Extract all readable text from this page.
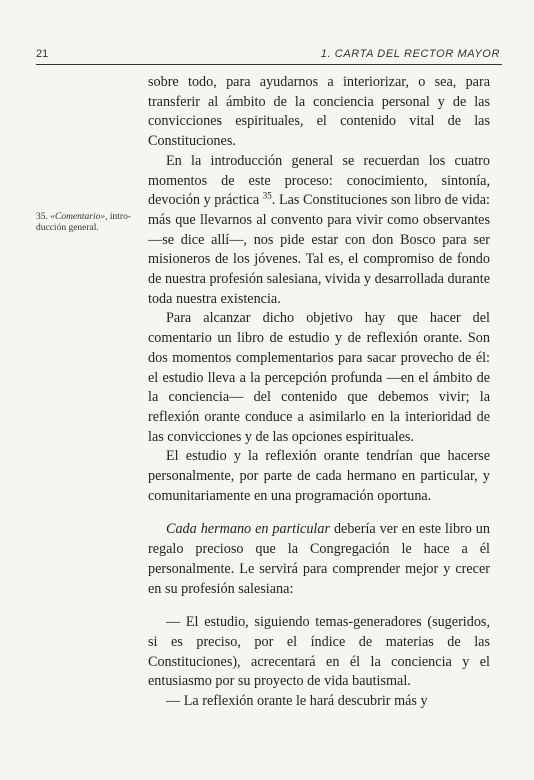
21	1. CARTA DEL RECTOR MAYOR
35. «Comentario», intro-ducción general.

sobre todo, para ayudarnos a interiorizar, o sea, para transferir al ámbito de la conciencia personal y de las convicciones espirituales, el contenido vital de las Constituciones.

En la introducción general se recuerdan los cuatro momentos de este proceso: conocimiento, sintonía, devoción y práctica $^{35}$. Las Constituciones son libro de vida: más que llevarnos al convento para vivir como observantes —se dice allí—, nos pide estar con don Bosco para ser misioneros de los jóvenes. Tal es, el compromiso de fondo de nuestra profesión salesiana, vivida y desarrollada durante toda nuestra existencia.

Para alcanzar dicho objetivo hay que hacer del comentario un libro de estudio y de reflexión orante. Son dos momentos complementarios para sacar provecho de él: el estudio lleva a la percepción profunda —en el ámbito de la conciencia— del contenido que debemos vivir; la reflexión orante conduce a asimilarlo en la interioridad de las convicciones y de las opciones espirituales.

El estudio y la reflexión orante tendrían que hacerse personalmente, por parte de cada hermano en particular, y comunitariamente en una programación oportuna.

Cada hermano en particular debería ver en este libro un regalo precioso que la Congregación le hace a él personalmente. Le servirá para comprender mejor y crecer en su profesión salesiana:

— El estudio, siguiendo temas-generadores (sugeridos, si es preciso, por el índice de materias de las Constituciones), acrecentará en él la conciencia y el entusiasmo por su proyecto de vida bautismal.

— La reflexión orante le hará descubrir más y
